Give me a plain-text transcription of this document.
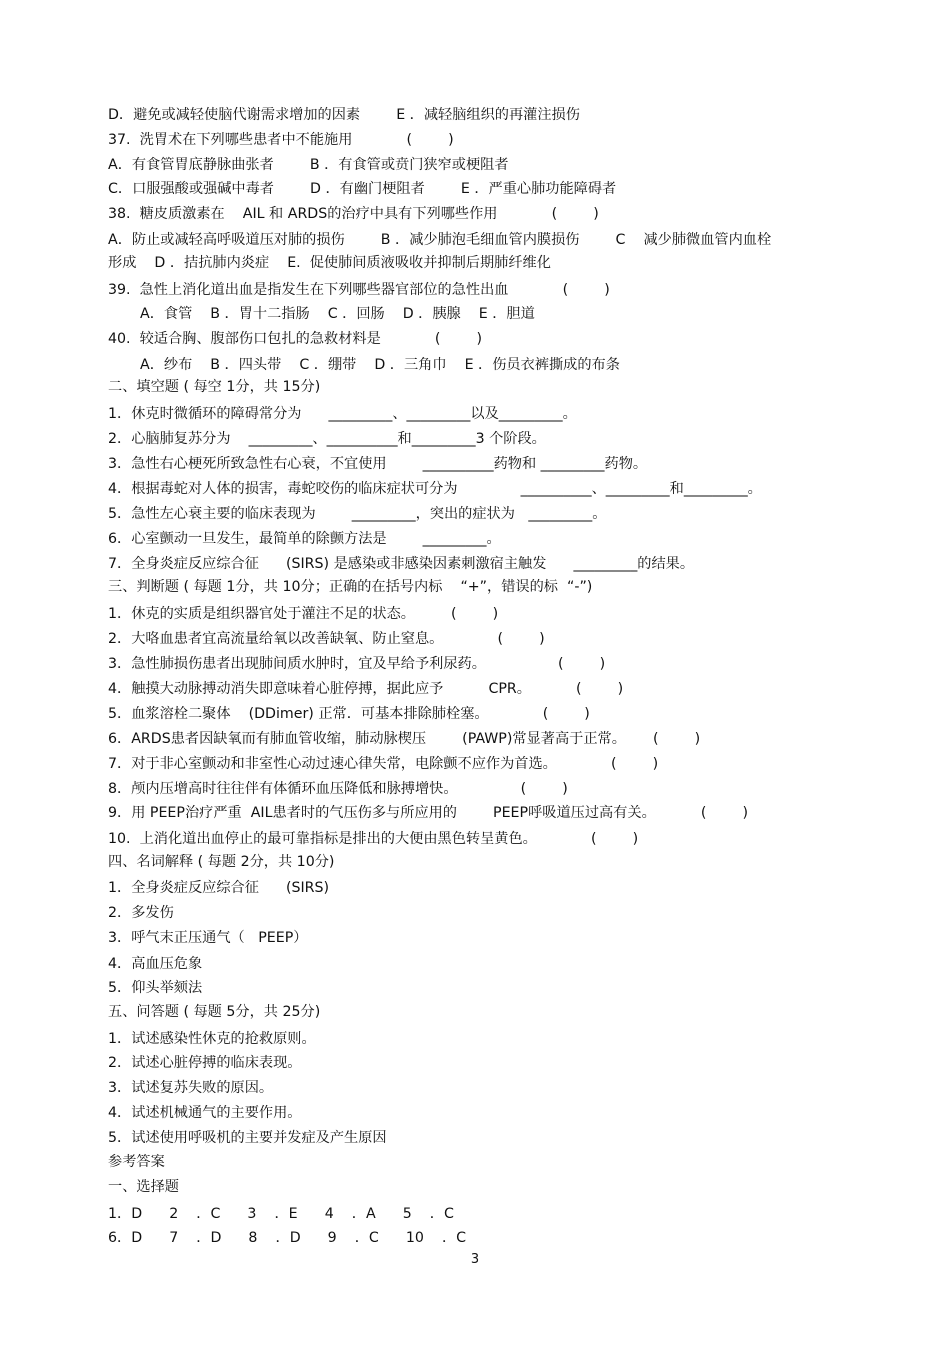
D．避免或减轻使脑代谢需求增加的因素        E ．减轻脑组织的再灌注损伤
37.  洗胃术在下列哪些患者中不能施用            (        )
A．有食管胃底静脉曲张者        B ．有食管或贲门狭窄或梗阻者
C．口服强酸或强碱中毒者        D ．有幽门梗阻者        E ．严重心肺功能障碍者
38.  糖皮质激素在    AIL 和 ARDS的治疗中具有下列哪些作用            (        )
A．防止或减轻高呼吸道压对肺的损伤        B ．减少肺泡毛细血管内膜损伤        C    减少肺微血管内血栓
形成    D ．拮抗肺内炎症    E.  促使肺间质液吸收并抑制后期肺纤维化
39.  急性上消化道出血是指发生在下列哪些器官部位的急性出血            (        )
A．食管    B ．胃十二指肠    C ．回肠    D ．胰腺    E ．胆道
40.  较适合胸、腹部伤口包扎的急救材料是            (        )
A．纱布    B ．四头带    C ．绷带    D ．三角巾    E ．伤员衣裤撕成的布条
二、填空题 ( 每空 1分，共 15分)
1．休克时微循环的障碍常分为      _________、_________以及_________。
2．心脑肺复苏分为    _________、__________和_________3 个阶段。
3．急性右心梗死所致急性右心衰，不宜使用        __________药物和 _________药物。
4．根据毒蛇对人体的损害，毒蛇咬伤的临床症状可分为              __________、_________和_________。
5．急性左心衰主要的临床表现为        _________，突出的症状为   _________。
6．心室颤动一旦发生，最简单的除颤方法是        _________。
7．全身炎症反应综合征      (SIRS) 是感染或非感染因素刺激宿主触发      _________的结果。
三、判断题 ( 每题 1分，共 10分；正确的在括号内标    “+”，错误的标  “-”)
1．休克的实质是组织器官处于灌注不足的状态。        (        )
2．大咯血患者宜高流量给氧以改善缺氧、防止窒息。            (        )
3．急性肺损伤患者出现肺间质水肿时，宜及早给予利尿药。                (        )
4．触摸大动脉搏动消失即意味着心脏停搏，据此应予          CPR。          (        )
5．血浆溶栓二聚体    (DDimer) 正常．可基本排除肺栓塞。            (        )
6．ARDS患者因缺氧而有肺血管收缩，肺动脉楔压        (PAWP)常显著高于正常。      (        )
7．对于非心室颤动和非室性心动过速心律失常，电除颤不应作为首选。            (        )
8．颅内压增高时往往伴有体循环血压降低和脉搏增快。              (        )
9．用 PEEP治疗严重  AIL患者时的气压伤多与所应用的        PEEP呼吸道压过高有关。          (        )
10.  上消化道出血停止的最可靠指标是排出的大便由黑色转呈黄色。            (        )
四、名词解释 ( 每题 2分，共 10分)
1．全身炎症反应综合征      (SIRS)
2．多发伤
3．呼气末正压通气（   PEEP）
4．高血压危象
5．仰头举颏法
五、问答题 ( 每题 5分，共 25分)
1．试述感染性休克的抢救原则。
2．试述心脏停搏的临床表现。
3．试述复苏失败的原因。
4．试述机械通气的主要作用。
5．试述使用呼吸机的主要并发症及产生原因
参考答案
一、选择题
1．D      2    ．C      3    ．E      4    ．A      5    ．C
6．D      7    ．D      8    ．D      9    ．C      10    ．C
3
